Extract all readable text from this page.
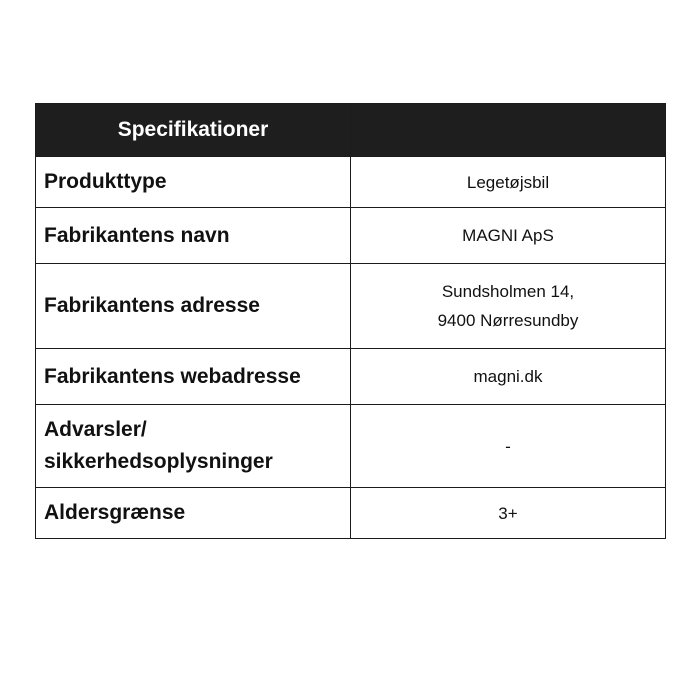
Specifikationer	
Produkttype	Legetøjsbil

Fabrikantens navn	MAGNI ApS

Fabrikantens adresse	Sundsholmen 14,
9400 Nørresundby

Fabrikantens webadresse	magni.dk

Advarsler/
sikkerhedsoplysninger	-

Aldersgrænse	3+
